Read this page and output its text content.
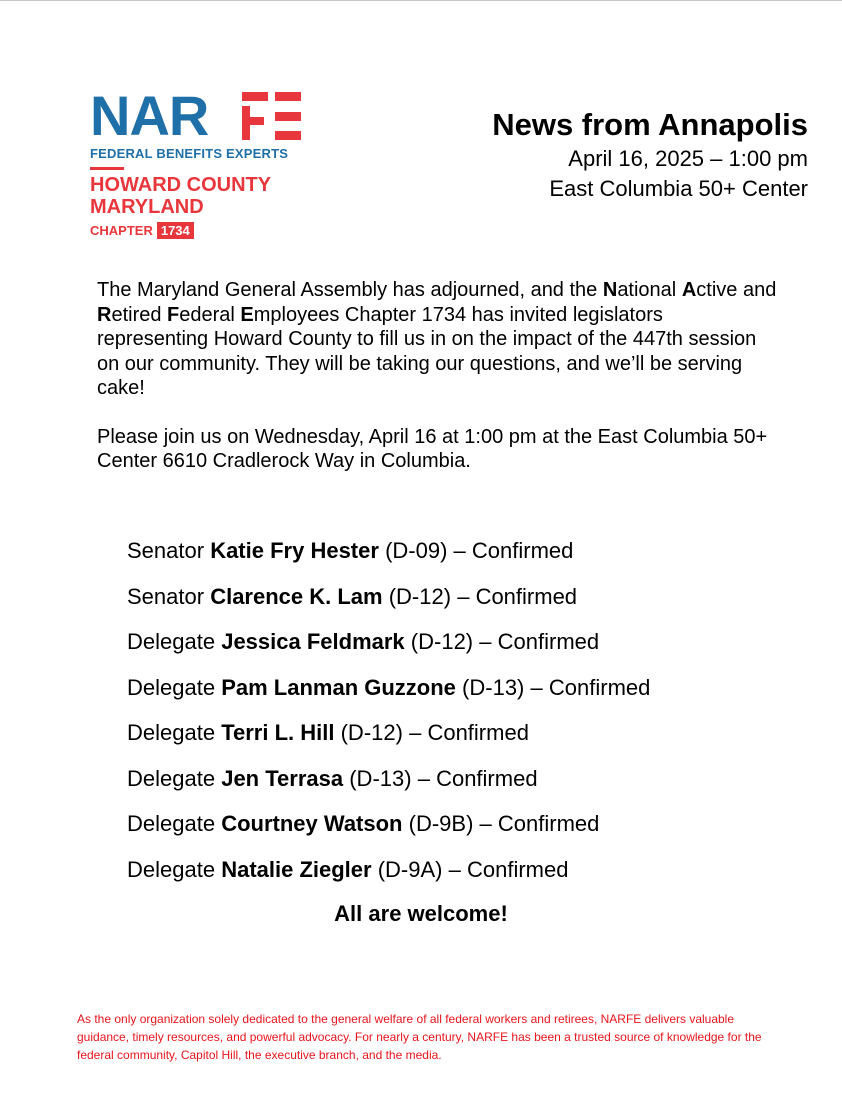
NAR
FEDERAL BENEFITS EXPERTS
HOWARD COUNTY
MARYLAND
CHAPTER 1734
News from Annapolis
April 16, 2025 – 1:00 pm
East Columbia 50+ Center

The Maryland General Assembly has adjourned, and the National Active and Retired Federal Employees Chapter 1734 has invited legislators representing Howard County to fill us in on the impact of the 447th session on our community. They will be taking our questions, and we’ll be serving cake!

Please join us on Wednesday, April 16 at 1:00 pm at the East Columbia 50+ Center 6610 Cradlerock Way in Columbia.

Senator Katie Fry Hester (D-09) – Confirmed
Senator Clarence K. Lam (D-12) – Confirmed
Delegate Jessica Feldmark (D-12) – Confirmed
Delegate Pam Lanman Guzzone (D-13) – Confirmed
Delegate Terri L. Hill (D-12) – Confirmed
Delegate Jen Terrasa (D-13) – Confirmed
Delegate Courtney Watson (D-9B) – Confirmed
Delegate Natalie Ziegler (D-9A) – Confirmed
All are welcome!
As the only organization solely dedicated to the general welfare of all federal workers and retirees, NARFE delivers valuable guidance, timely resources, and powerful advocacy. For nearly a century, NARFE has been a trusted source of knowledge for the federal community, Capitol Hill, the executive branch, and the media.
